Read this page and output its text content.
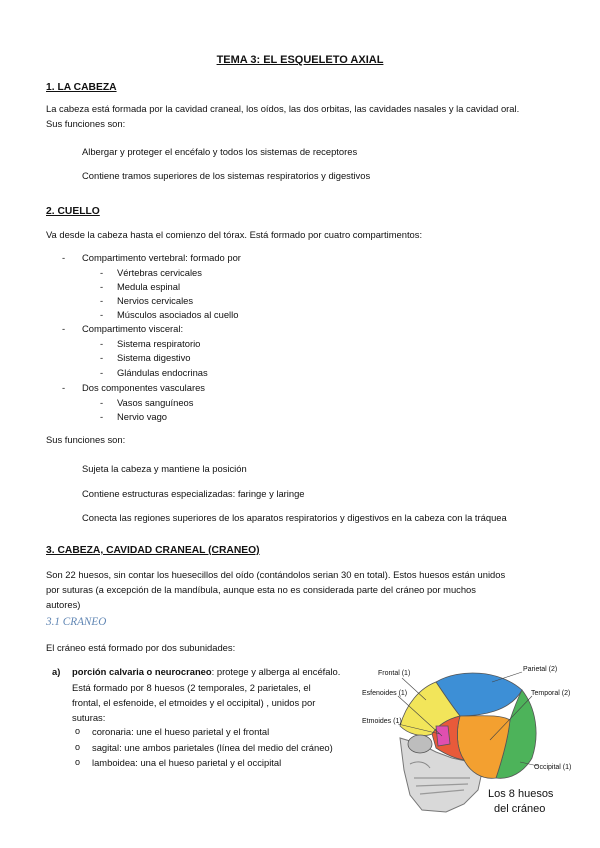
TEMA 3: EL ESQUELETO AXIAL
1. LA CABEZA
La cabeza está formada por la cavidad craneal, los oídos, las dos orbitas, las cavidades nasales y la cavidad oral.
Sus funciones son:
Albergar y proteger el encéfalo y todos los sistemas de receptores
Contiene tramos superiores de los sistemas respiratorios y digestivos
2. CUELLO
Va desde la cabeza hasta el comienzo del tórax. Está formado por cuatro compartimentos:
- Compartimento vertebral: formado por
- Vértebras cervicales
- Medula espinal
- Nervios cervicales
- Músculos asociados al cuello
- Compartimento visceral:
- Sistema respiratorio
- Sistema digestivo
- Glándulas endocrinas
- Dos componentes vasculares
- Vasos sanguíneos
- Nervio vago
Sus funciones son:
Sujeta la cabeza y mantiene la posición
Contiene estructuras especializadas: faringe y laringe
Conecta las regiones superiores de los aparatos respiratorios y digestivos en la cabeza con la tráquea
3. CABEZA, CAVIDAD CRANEAL (CRANEO)
Son 22 huesos, sin contar los huesecillos del oído (contándolos serian 30 en total). Estos huesos están unidos
por suturas (a excepción de la mandíbula, aunque esta no es considerada parte del cráneo por muchos
autores)
3.1 CRANEO
El cráneo está formado por dos subunidades:
a) porción calvaria o neurocraneo: protege y alberga al encéfalo.
Está formado por 8 huesos (2 temporales, 2 parietales, el
frontal, el esfenoide, el etmoides y el occipital) , unidos por
suturas:
o coronaria: une el hueso parietal y el frontal
o sagital: une ambos parietales (línea del medio del cráneo)
o lamboidea: una el hueso parietal y el occipital
Frontal (1)
Parietal (2)
Esfenoides (1)	Temporal (2)
Etmoides (1)
Occipital (1)
Los 8 huesos
del cráneo
